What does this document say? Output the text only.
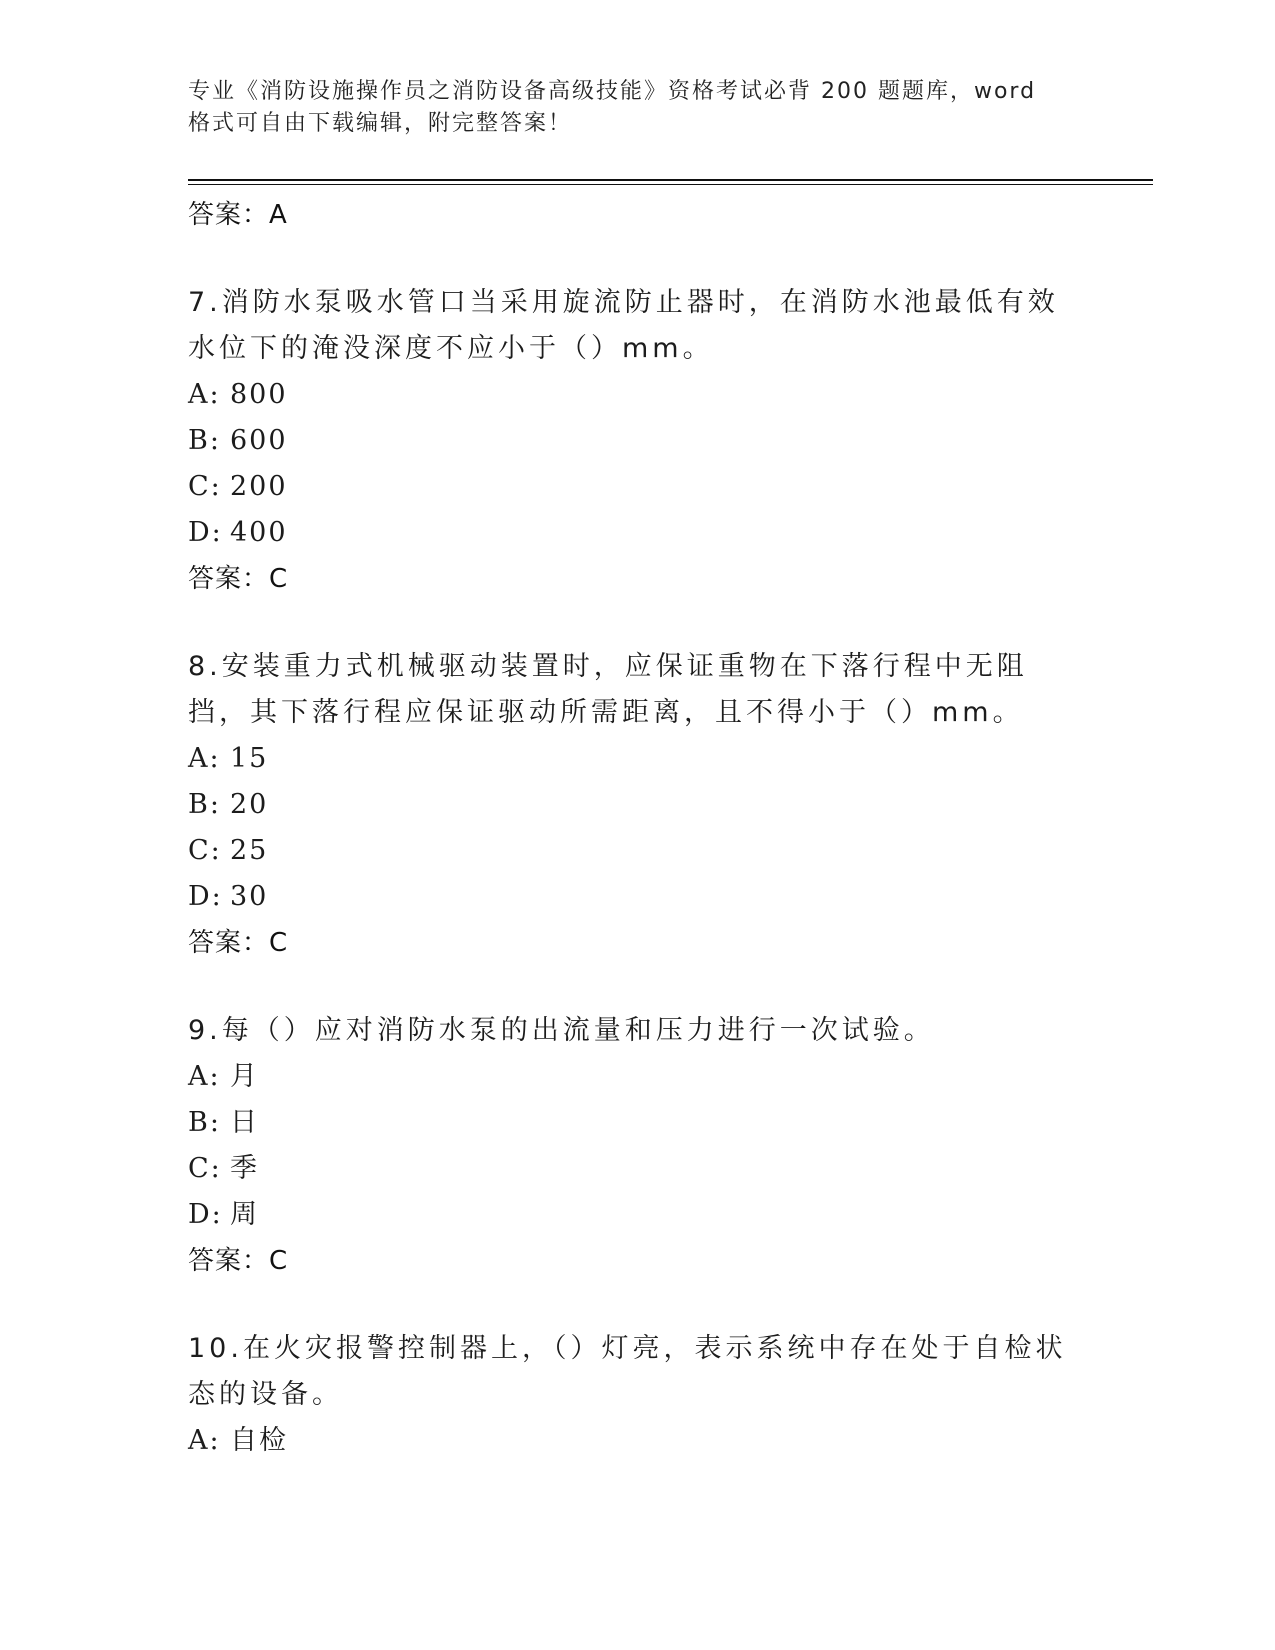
专业《消防设施操作员之消防设备高级技能》资格考试必背 200 题题库，word 格式可自由下载编辑，附完整答案！
答案：A
7.消防水泵吸水管口当采用旋流防止器时，在消防水池最低有效水位下的淹没深度不应小于（）mm。
A: 800
B: 600
C: 200
D: 400
答案：C
8.安装重力式机械驱动装置时，应保证重物在下落行程中无阻挡，其下落行程应保证驱动所需距离，且不得小于（）mm。
A: 15
B: 20
C: 25
D: 30
答案：C
9.每（）应对消防水泵的出流量和压力进行一次试验。
A: 月
B: 日
C: 季
D: 周
答案：C
10.在火灾报警控制器上，（）灯亮，表示系统中存在处于自检状态的设备。
A: 自检
